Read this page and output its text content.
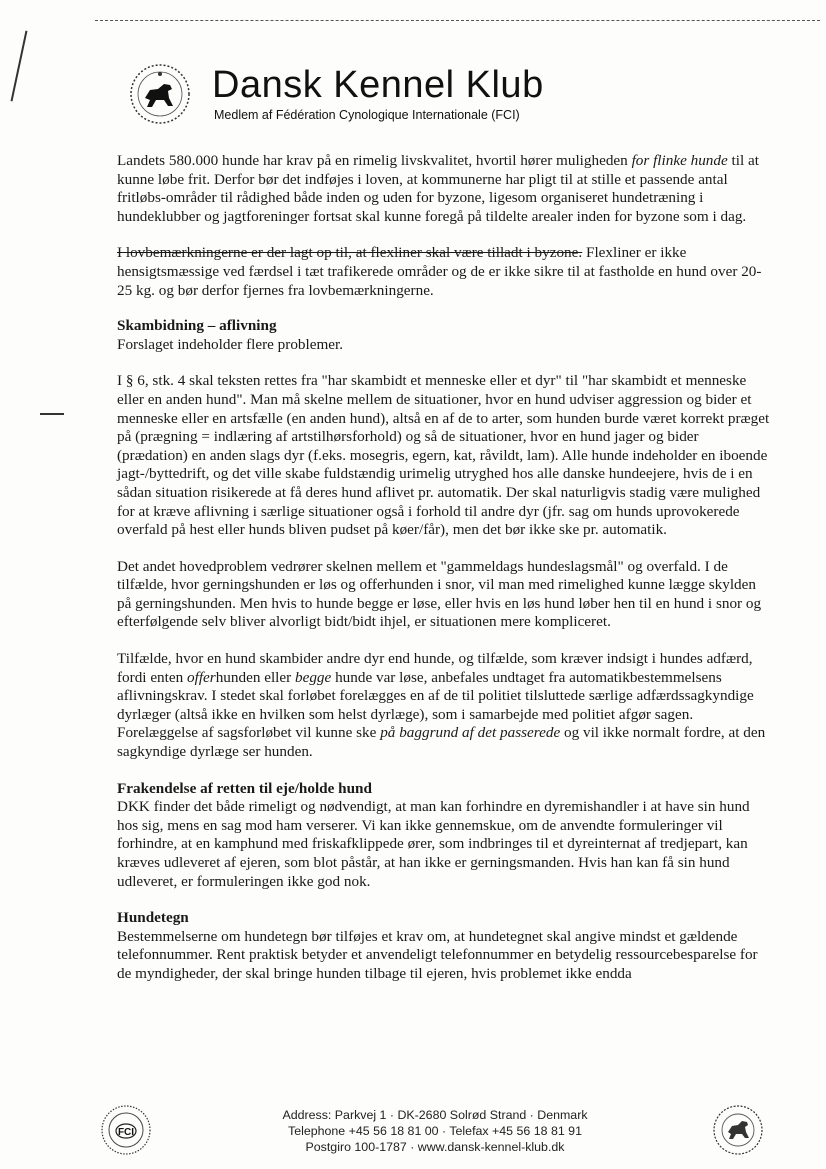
Dansk Kennel Klub
Medlem af Fédération Cynologique Internationale (FCI)

Landets 580.000 hunde har krav på en rimelig livskvalitet, hvortil hører muligheden for flinke hunde til at kunne løbe frit. Derfor bør det indføjes i loven, at kommunerne har pligt til at stille et passende antal fritløbs-områder til rådighed både inden og uden for byzone, ligesom organiseret hundetræning i hundeklubber og jagtforeninger fortsat skal kunne foregå på tildelte arealer inden for byzone som i dag.

I lovbemærkningerne er der lagt op til, at flexliner skal være tilladt i byzone. Flexliner er ikke hensigtsmæssige ved færdsel i tæt trafikerede områder og de er ikke sikre til at fastholde en hund over 20-25 kg. og bør derfor fjernes fra lovbemærkningerne.

Skambidning – aflivning

Forslaget indeholder flere problemer.

I § 6, stk. 4 skal teksten rettes fra "har skambidt et menneske eller et dyr" til "har skambidt et menneske eller en anden hund". Man må skelne mellem de situationer, hvor en hund udviser aggression og bider et menneske eller en artsfælle (en anden hund), altså en af de to arter, som hunden burde været korrekt præget på (prægning = indlæring af artstilhørsforhold) og så de situationer, hvor en hund jager og bider (prædation) en anden slags dyr (f.eks. mosegris, egern, kat, råvildt, lam). Alle hunde indeholder en iboende jagt-/byttedrift, og det ville skabe fuldstændig urimelig utryghed hos alle danske hundeejere, hvis de i en sådan situation risikerede at få deres hund aflivet pr. automatik. Der skal naturligvis stadig være mulighed for at kræve aflivning i særlige situationer også i forhold til andre dyr (jfr. sag om hunds uprovokerede overfald på hest eller hunds bliven pudset på køer/får), men det bør ikke ske pr. automatik.

Det andet hovedproblem vedrører skelnen mellem et "gammeldags hundeslagsmål" og overfald. I de tilfælde, hvor gerningshunden er løs og offerhunden i snor, vil man med rimelighed kunne lægge skylden på gerningshunden. Men hvis to hunde begge er løse, eller hvis en løs hund løber hen til en hund i snor og efterfølgende selv bliver alvorligt bidt/bidt ihjel, er situationen mere kompliceret.

Tilfælde, hvor en hund skambider andre dyr end hunde, og tilfælde, som kræver indsigt i hundes adfærd, fordi enten offerhunden eller begge hunde var løse, anbefales undtaget fra automatikbestemmelsens aflivningskrav. I stedet skal forløbet forelægges en af de til politiet tilsluttede særlige adfærdssagkyndige dyrlæger (altså ikke en hvilken som helst dyrlæge), som i samarbejde med politiet afgør sagen. Forelæggelse af sagsforløbet vil kunne ske på baggrund af det passerede og vil ikke normalt fordre, at den sagkyndige dyrlæge ser hunden.

Frakendelse af retten til eje/holde hund

DKK finder det både rimeligt og nødvendigt, at man kan forhindre en dyremishandler i at have sin hund hos sig, mens en sag mod ham verserer. Vi kan ikke gennemskue, om de anvendte formuleringer vil forhindre, at en kamphund med friskafklippede ører, som indbringes til et dyreinternat af tredjepart, kan kræves udleveret af ejeren, som blot påstår, at han ikke er gerningsmanden. Hvis han kan få sin hund udleveret, er formuleringen ikke god nok.

Hundetegn

Bestemmelserne om hundetegn bør tilføjes et krav om, at hundetegnet skal angive mindst et gældende telefonnummer. Rent praktisk betyder et anvendeligt telefonnummer en betydelig ressourcebesparelse for de myndigheder, der skal bringe hunden tilbage til ejeren, hvis problemet ikke endda

FCI
Address: Parkvej 1 · DK-2680 Solrød Strand · Denmark
Telephone +45 56 18 81 00 · Telefax +45 56 18 81 91
Postgiro 100-1787 · www.dansk-kennel-klub.dk
